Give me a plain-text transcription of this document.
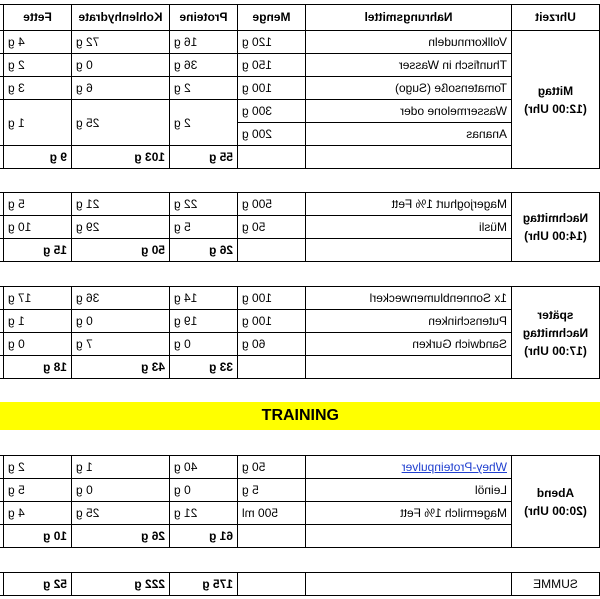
Uhrzeit	Nahrungsmittel	Menge	Proteine	Kohlenhydrate	Fette	

Mittag
(12:00 Uhr)	Vollkornnudeln	120 g	16 g	72 g	4 g	
	Thunfisch in Wasser	150 g	36 g	0 g	2 g	
	Tomatensoße (Sugo)	100 g	2 g	6 g	3 g	
	Wassermelone oder	300 g	2 g	25 g	1 g	
	Ananas	200 g				
			55 g	103 g	9 g	
Nachmittag
(14:00 Uhr)	Magerjoghurt 1% Fett	500 g	22 g	21 g	5 g	
	Müsli	50 g	5 g	29 g	10 g	
			26 g	50 g	15 g	
später
Nachmittag
(17:00 Uhr)	1x Sonnenblumenweckerl	100 g	14 g	36 g	17 g	
	Putenschinken	100 g	19 g	0 g	1 g	
	Sandwich Gurken	60 g	0 g	7 g	0 g	
			33 g	43 g	18 g	
Abend
(20:00 Uhr)	Whey-Proteinpulver	50 g	40 g	1 g	2 g	
	Leinöl	5 g	0 g	0 g	5 g	
	Magermilch 1% Fett	500 ml	21 g	25 g	4 g	
			61 g	26 g	10 g	
SUMME			175 g	222 g	52 g	
TRAINING
